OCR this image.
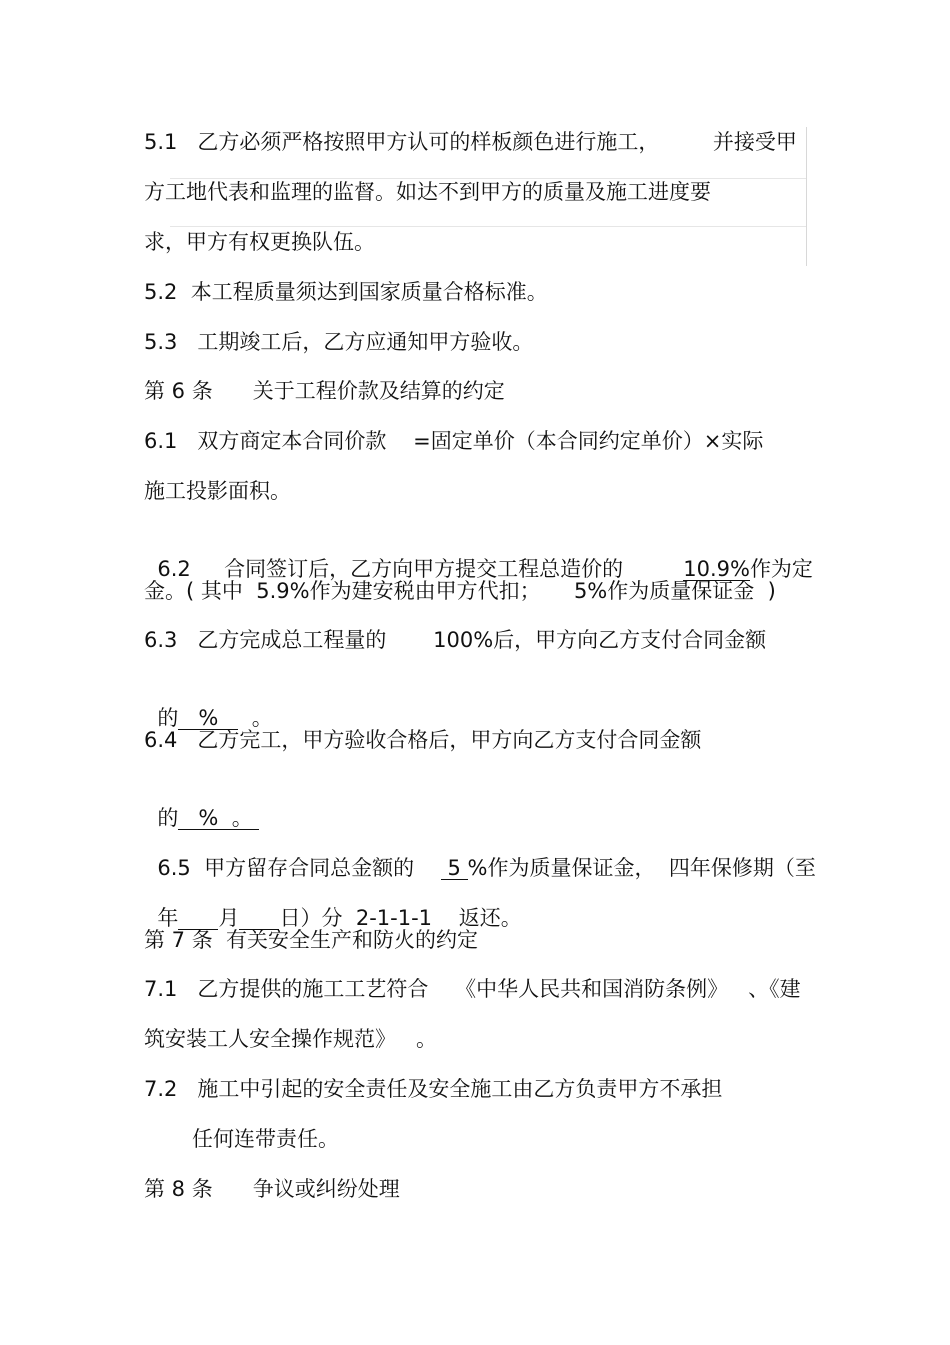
5.1   乙方必须严格按照甲方认可的样板颜色进行施工，        并接受甲
方工地代表和监理的监督。如达不到甲方的质量及施工进度要
求，甲方有权更换队伍。
5.2  本工程质量须达到国家质量合格标准。
5.3   工期竣工后，乙方应通知甲方验收。
第 6 条      关于工程价款及结算的约定
6.1   双方商定本合同价款    =固定单价（本合同约定单价）×实际
施工投影面积。

6.2     合同签订后，乙方向甲方提交工程总造价的         10.9%作为定

金。( 其中  5.9%作为建安税由甲方代扣；     5%作为质量保证金  )
6.3   乙方完成总工程量的       100%后，甲方向乙方支付合同金额

的   %     。

6.4   乙方完工，甲方验收合格后，甲方向乙方支付合同金额

的   %  。

6.5  甲方留存合同总金额的     5 %作为质量保证金，  四年保修期（至

年 月 日）分  2-1-1-1    返还。

第 7 条  有关安全生产和防火的约定
7.1   乙方提供的施工工艺符合    《中华人民共和国消防条例》   、《建
筑安装工人安全操作规范》   。
7.2   施工中引起的安全责任及安全施工由乙方负责甲方不承担
任何连带责任。
第 8 条      争议或纠纷处理
